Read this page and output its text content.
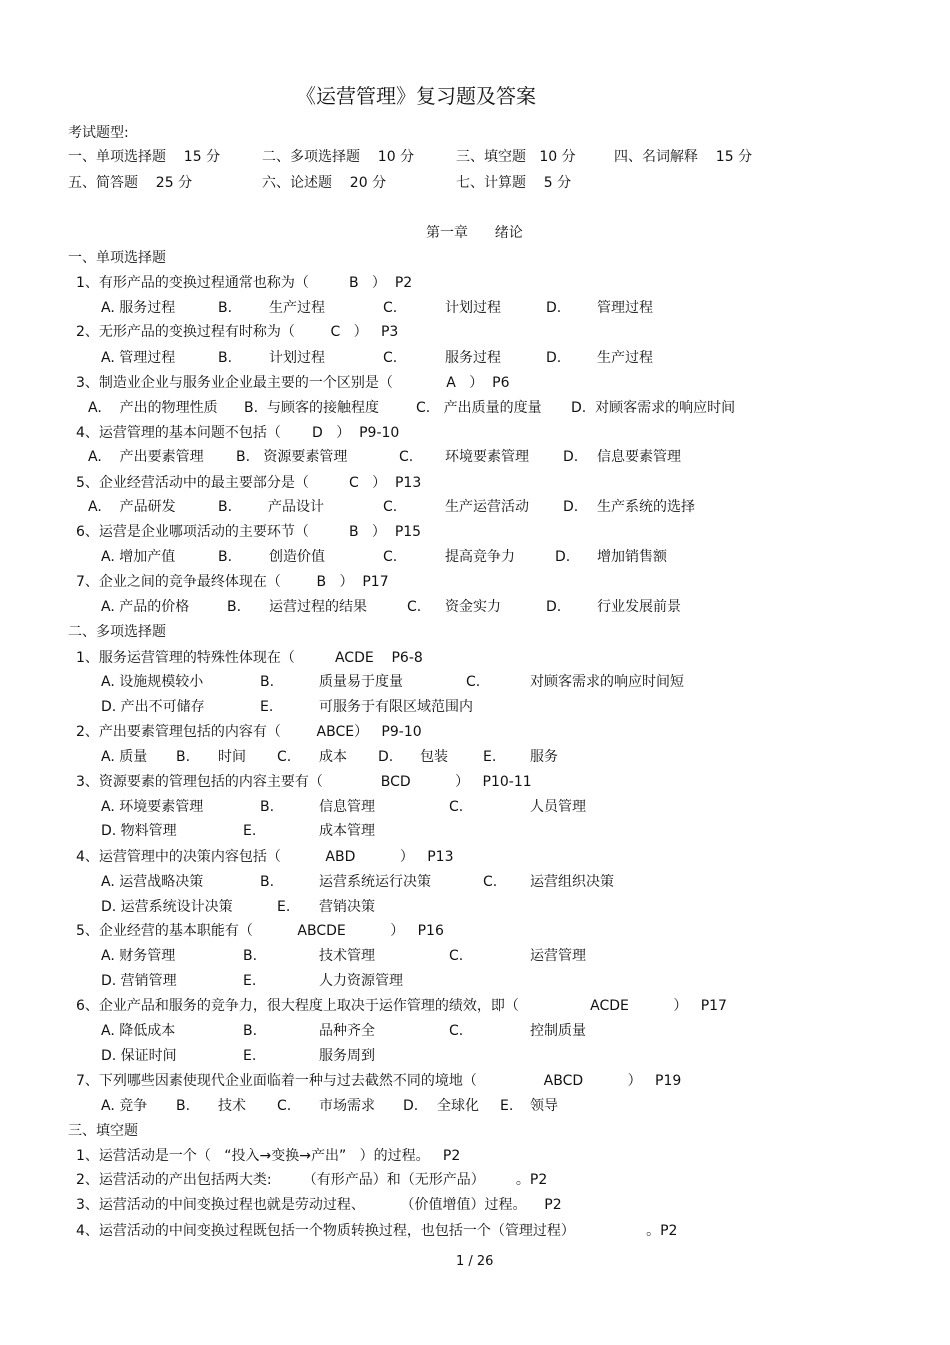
《运营管理》复习题及答案
考试题型:
一、单项选择题    15 分	二、多项选择题    10 分	三、填空题   10 分	四、名词解释    15 分
五、简答题    25 分	六、论述题    20 分	七、计算题    5 分
第一章      绪论
一、单项选择题
1、有形产品的变换过程通常也称为（         B   ）  P2
A. 服务过程	B.	生产过程	C.	计划过程	D.	管理过程
2、无形产品的变换过程有时称为（        C   ）   P3
A. 管理过程	B.	计划过程	C.	服务过程	D.	生产过程
3、制造业企业与服务业企业最主要的一个区别是（            A   ）  P6
A.    产出的物理性质 B.  与顾客的接触程度	C.   产出质量的度量 D.  对顾客需求的响应时间
4、运营管理的基本问题不包括（       D   ）  P9-10
A.    产出要素管理 B.   资源要素管理	C. 环境要素管理 D. 信息要素管理
5、企业经营活动中的最主要部分是（         C   ）  P13
A.    产品研发	B.	产品设计	C.	生产运营活动 D. 生产系统的选择
6、运营是企业哪项活动的主要环节（         B   ）  P15
A. 增加产值	B.	创造价值	C.	提高竞争力	D. 增加销售额
7、企业之间的竞争最终体现在（        B   ）  P17
A. 产品的价格	B. 运营过程的结果	C. 资金实力	D.	行业发展前景
二、多项选择题
1、服务运营管理的特殊性体现在（         ACDE    P6-8
A. 设施规模较小	B.	质量易于度量	C.	对顾客需求的响应时间短
D. 产出不可储存	E.	可服务于有限区域范围内
2、产出要素管理包括的内容有（        ABCE）   P9-10
A. 质量 B. 时间 C. 成本 D. 包装	E. 服务
3、资源要素的管理包括的内容主要有（             BCD          ）   P10-11
A. 环境要素管理	B.	信息管理	C.	人员管理
D. 物料管理	E.	成本管理
4、运营管理中的决策内容包括（          ABD          ）   P13
A. 运营战略决策	B.	运营系统运行决策	C. 运营组织决策
D. 运营系统设计决策	E. 营销决策
5、企业经营的基本职能有（          ABCDE          ）   P16
A. 财务管理	B.	技术管理	C.	运营管理
D. 营销管理	E.	人力资源管理
6、企业产品和服务的竞争力，很大程度上取决于运作管理的绩效，即（                ACDE          ）   P17
A. 降低成本	B.	品种齐全	C.	控制质量
D. 保证时间	E.	服务周到
7、下列哪些因素使现代企业面临着一种与过去截然不同的境地（               ABCD          ）   P19
A. 竞争 B. 技术 C. 市场需求 D. 全球化 E. 领导
三、填空题
1、运营活动是一个（   “投入→变换→产出”   ）的过程。   P2
2、运营活动的产出包括两大类:       （有形产品）和（无形产品）       。P2
3、运营活动的中间变换过程也就是劳动过程、        （价值增值）过程。    P2
4、运营活动的中间变换过程既包括一个物质转换过程，也包括一个（管理过程）                。P2
1 / 26
